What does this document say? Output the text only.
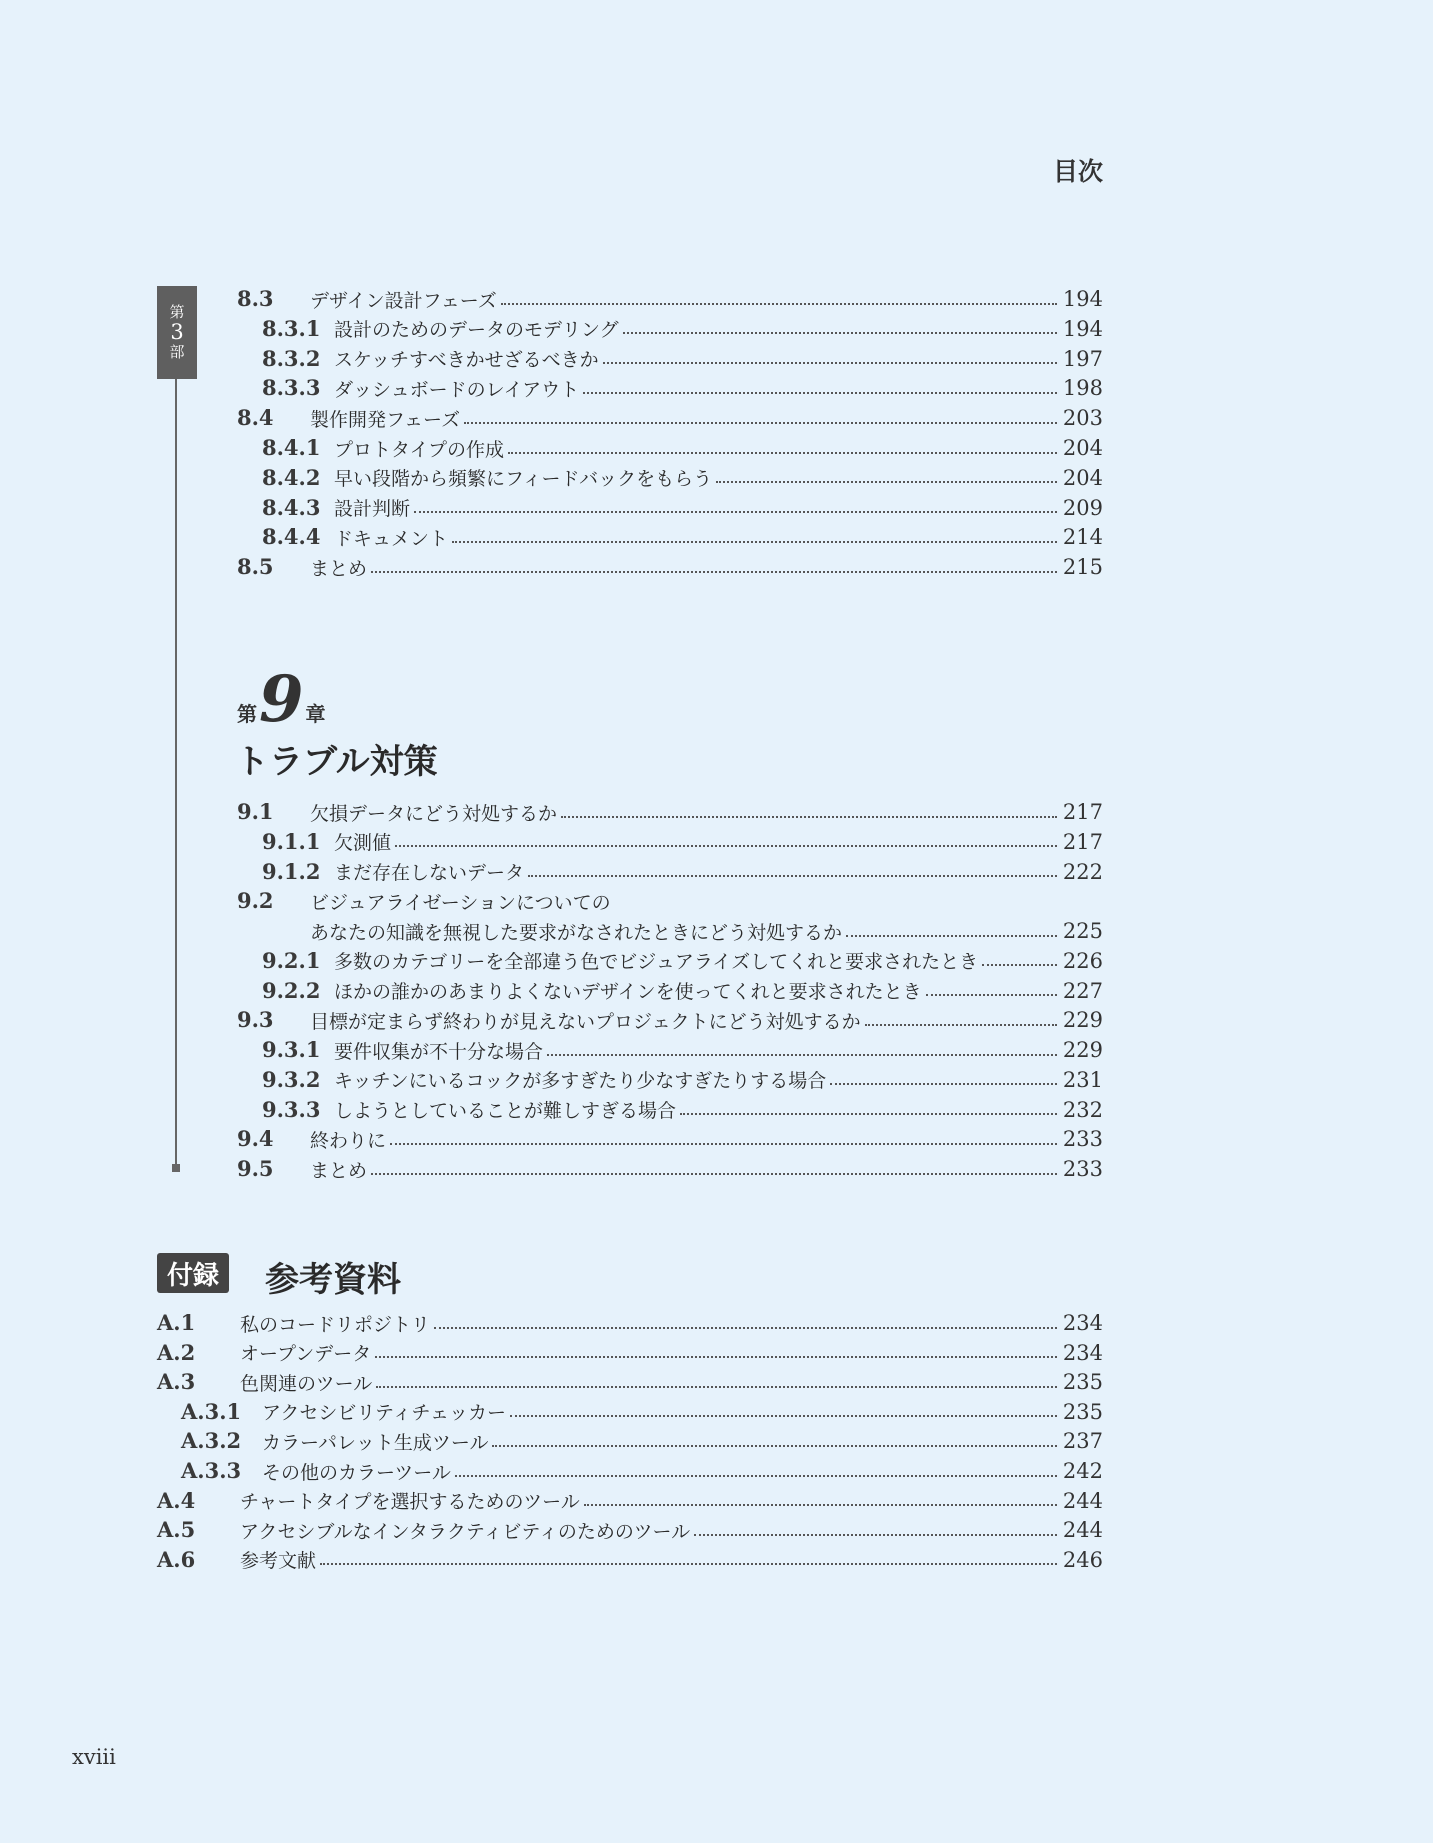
目次
第
3
部
8.3 デザイン設計フェーズ	194
8.3.1 設計のためのデータのモデリング	194
8.3.2 スケッチすべきかせざるべきか	197
8.3.3 ダッシュボードのレイアウト	198
8.4 製作開発フェーズ	203
8.4.1 プロトタイプの作成	204
8.4.2 早い段階から頻繁にフィードバックをもらう	204
8.4.3 設計判断	209
8.4.4 ドキュメント	214
8.5 まとめ	215
第9 章
トラブル対策
9.1 欠損データにどう対処するか	217
9.1.1 欠測値	217
9.1.2 まだ存在しないデータ	222
9.2 ビジュアライゼーションについての
あなたの知識を無視した要求がなされたときにどう対処するか	225
9.2.1 多数のカテゴリーを全部違う色でビジュアライズしてくれと要求されたとき	226
9.2.2 ほかの誰かのあまりよくないデザインを使ってくれと要求されたとき	227
9.3 目標が定まらず終わりが見えないプロジェクトにどう対処するか	229
9.3.1 要件収集が不十分な場合	229
9.3.2 キッチンにいるコックが多すぎたり少なすぎたりする場合	231
9.3.3 しようとしていることが難しすぎる場合	232
9.4 終わりに	233
9.5 まとめ	233
付録 参考資料
A.1 私のコードリポジトリ	234
A.2 オープンデータ	234
A.3 色関連のツール	235
A.3.1 アクセシビリティチェッカー	235
A.3.2 カラーパレット生成ツール	237
A.3.3 その他のカラーツール	242
A.4 チャートタイプを選択するためのツール	244
A.5 アクセシブルなインタラクティビティのためのツール	244
A.6 参考文献	246
xviii
